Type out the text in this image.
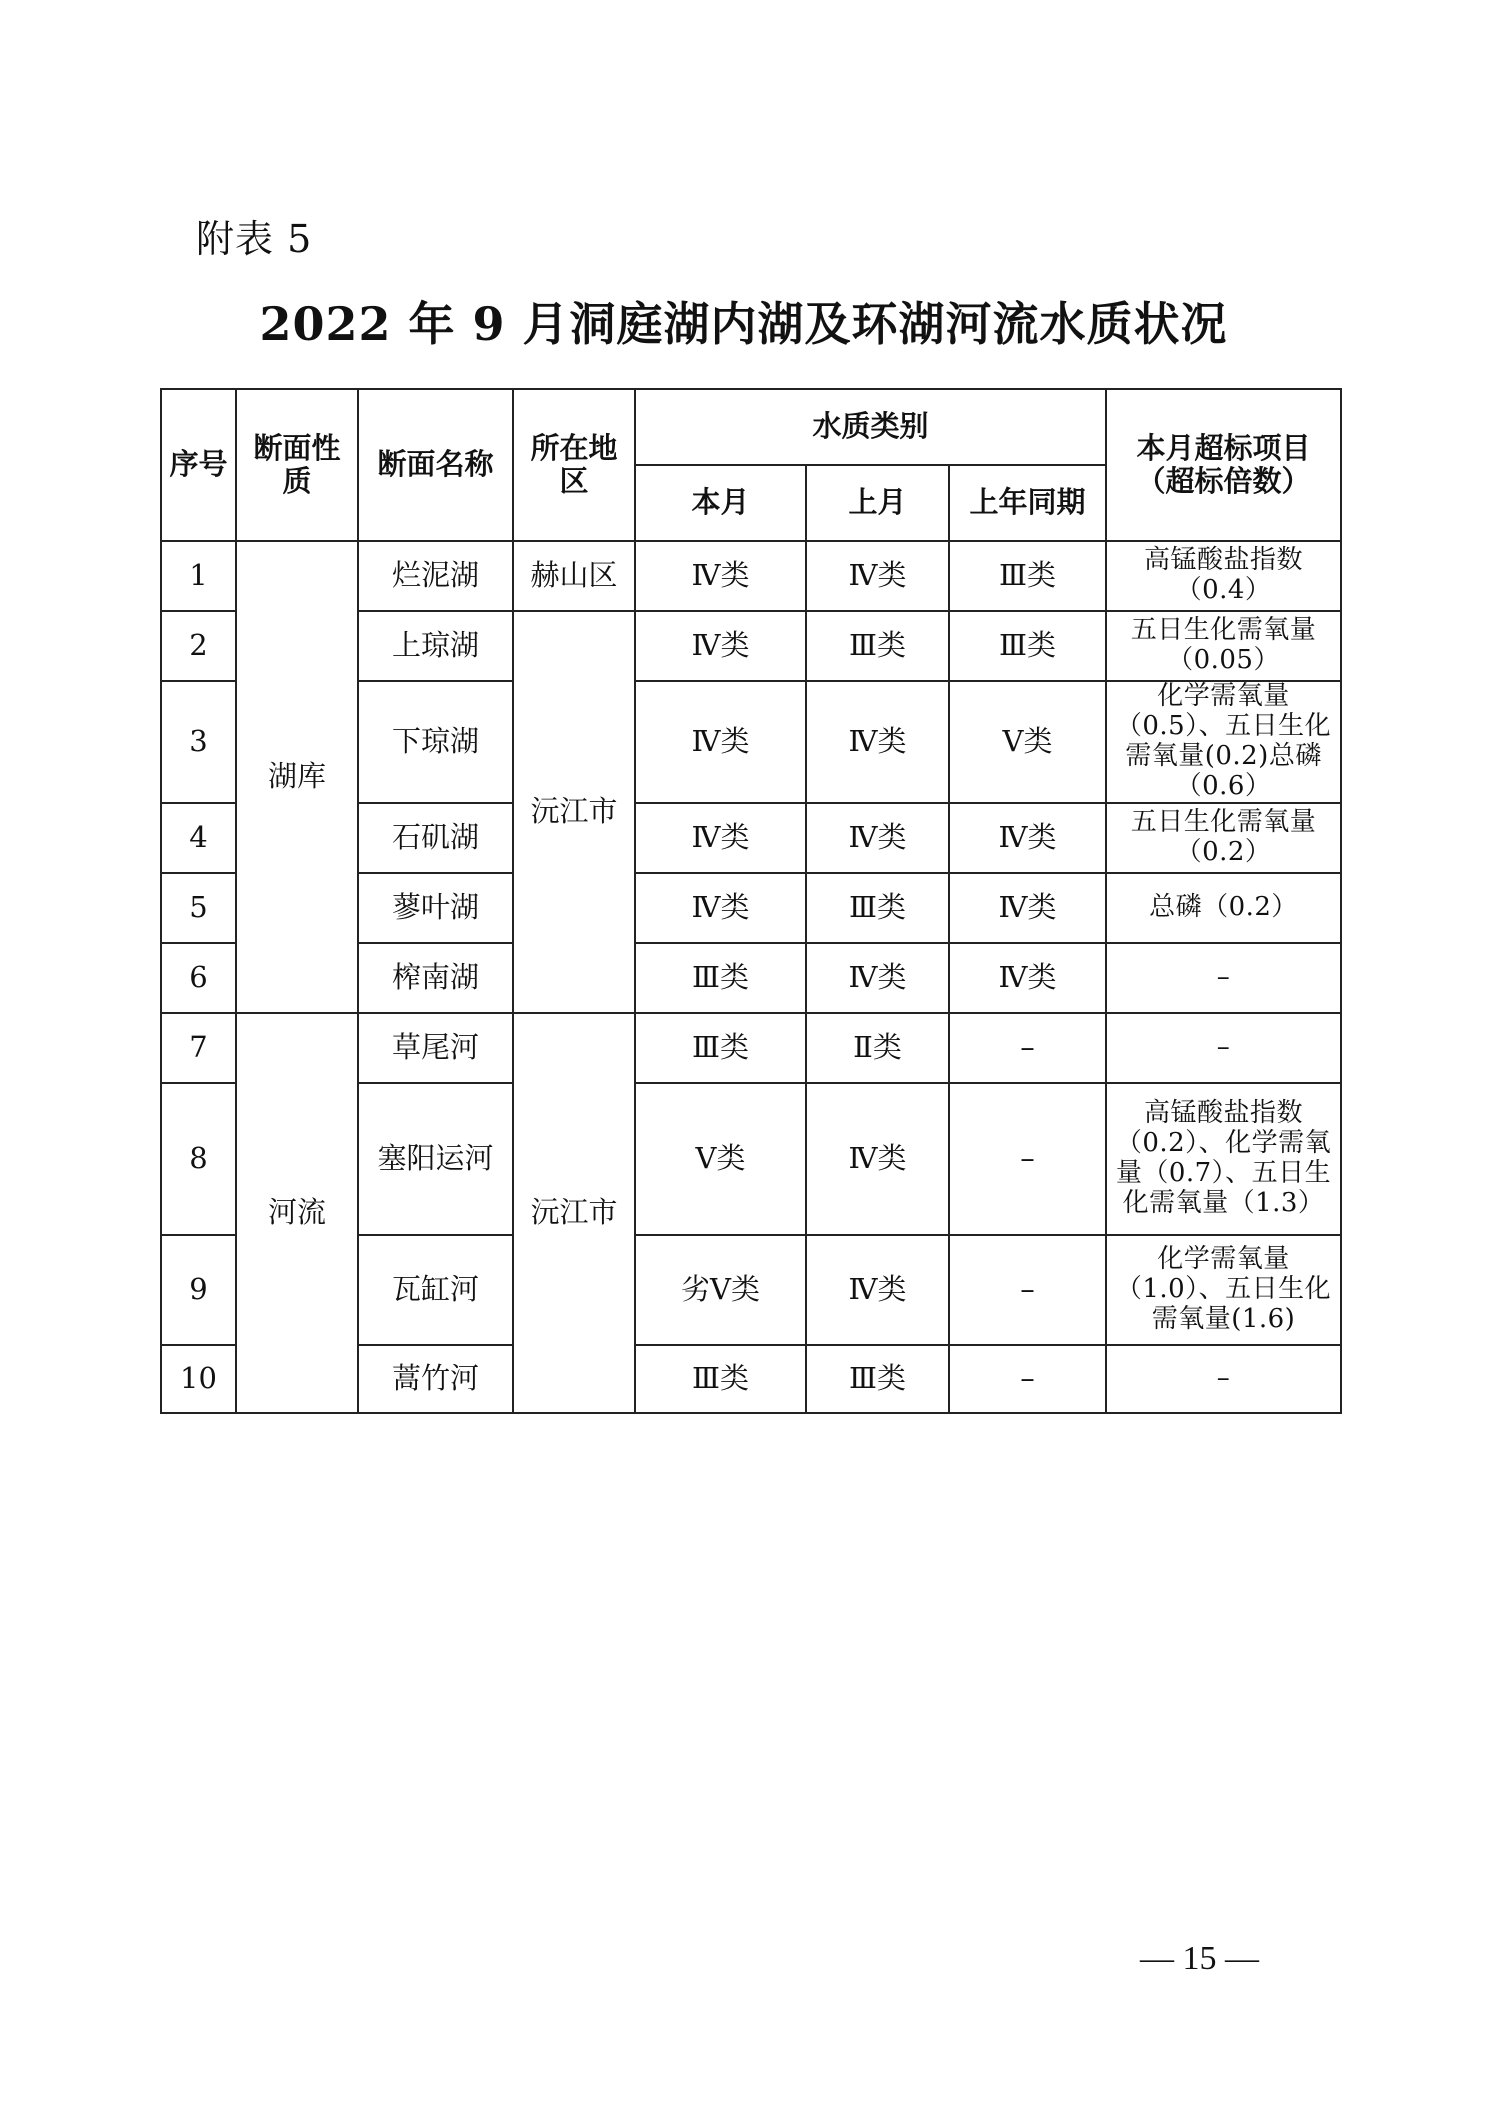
附表 5
2022 年 9 月洞庭湖内湖及环湖河流水质状况
序号	断面性质	断面名称	所在地区	水质类别			本月超标项目（超标倍数）
				本月	上月	上年同期	
1	湖库	烂泥湖	赫山区	Ⅳ类	Ⅳ类	Ⅲ类	高锰酸盐指数（0.4）
2		上琼湖	沅江市	Ⅳ类	Ⅲ类	Ⅲ类	五日生化需氧量（0.05）
3		下琼湖		Ⅳ类	Ⅳ类	Ⅴ类	化学需氧量（0.5）、五日生化需氧量(0.2)总磷（0.6）
4		石矶湖		Ⅳ类	Ⅳ类	Ⅳ类	五日生化需氧量（0.2）
5		蓼叶湖		Ⅳ类	Ⅲ类	Ⅳ类	总磷（0.2）
6		榨南湖		Ⅲ类	Ⅳ类	Ⅳ类	–
7	河流	草尾河	沅江市	Ⅲ类	Ⅱ类	–	–
8		塞阳运河		Ⅴ类	Ⅳ类	–	高锰酸盐指数（0.2）、化学需氧量（0.7）、五日生化需氧量（1.3）
9		瓦缸河		劣Ⅴ类	Ⅳ类	–	化学需氧量（1.0）、五日生化需氧量(1.6)
10		蒿竹河		Ⅲ类	Ⅲ类	–	–
— 15 —
